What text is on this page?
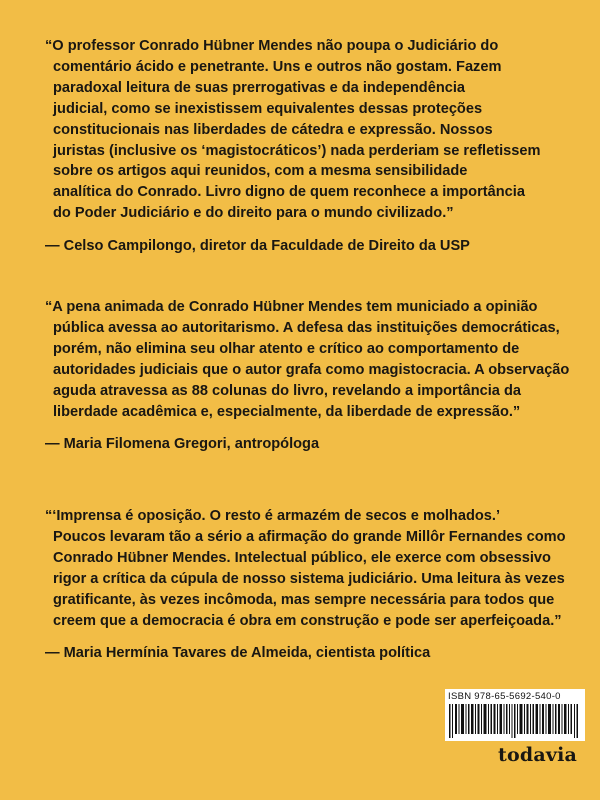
“O professor Conrado Hübner Mendes não poupa o Judiciário do
comentário ácido e penetrante. Uns e outros não gostam. Fazem
paradoxal leitura de suas prerrogativas e da independência
judicial, como se inexistissem equivalentes dessas proteções
constitucionais nas liberdades de cátedra e expressão. Nossos
juristas (inclusive os ‘magistocráticos’) nada perderiam se refletissem
sobre os artigos aqui reunidos, com a mesma sensibilidade
analítica do Conrado. Livro digno de quem reconhece a importância
do Poder Judiciário e do direito para o mundo civilizado.”
— Celso Campilongo, diretor da Faculdade de Direito da USP
“A pena animada de Conrado Hübner Mendes tem municiado a opinião
pública avessa ao autoritarismo. A defesa das instituições democráticas,
porém, não elimina seu olhar atento e crítico ao comportamento de
autoridades judiciais que o autor grafa como magistocracia. A observação
aguda atravessa as 88 colunas do livro, revelando a importância da
liberdade acadêmica e, especialmente, da liberdade de expressão.”
— Maria Filomena Gregori, antropóloga
“‘Imprensa é oposição. O resto é armazém de secos e molhados.’
Poucos levaram tão a sério a afirmação do grande Millôr Fernandes como
Conrado Hübner Mendes. Intelectual público, ele exerce com obsessivo
rigor a crítica da cúpula de nosso sistema judiciário. Uma leitura às vezes
gratificante, às vezes incômoda, mas sempre necessária para todos que
creem que a democracia é obra em construção e pode ser aperfeiçoada.”
— Maria Hermínia Tavares de Almeida, cientista política
ISBN 978-65-5692-540-0
todavia
